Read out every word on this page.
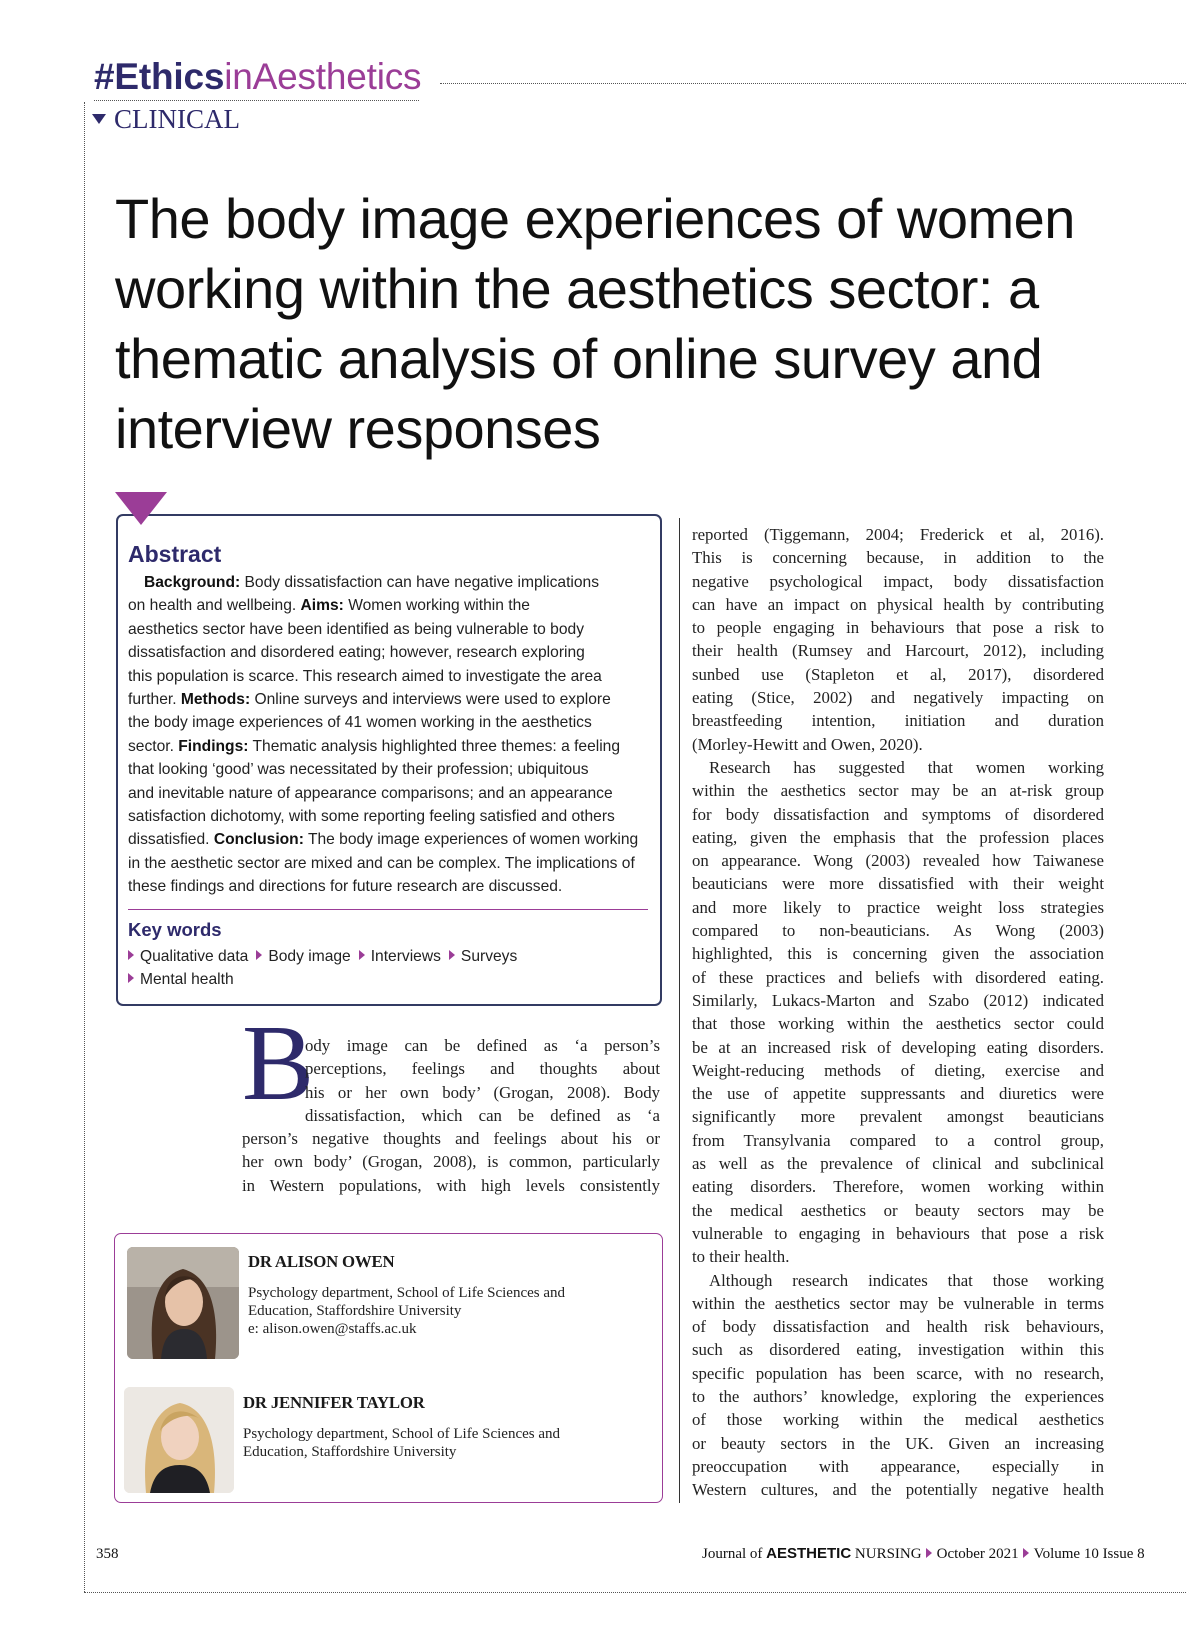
#EthicsinAesthetics
CLINICAL
The body image experiences of women working within the aesthetics sector: a thematic analysis of online survey and interview responses
Abstract
Background: Body dissatisfaction can have negative implications
on health and wellbeing. Aims: Women working within the
aesthetics sector have been identified as being vulnerable to body
dissatisfaction and disordered eating; however, research exploring
this population is scarce. This research aimed to investigate the area
further. Methods: Online surveys and interviews were used to explore
the body image experiences of 41 women working in the aesthetics
sector. Findings: Thematic analysis highlighted three themes: a feeling
that looking ‘good’ was necessitated by their profession; ubiquitous
and inevitable nature of appearance comparisons; and an appearance
satisfaction dichotomy, with some reporting feeling satisfied and others
dissatisfied. Conclusion: The body image experiences of women working
in the aesthetic sector are mixed and can be complex. The implications of
these findings and directions for future research are discussed.
Key words
Qualitative data Body image Interviews Surveys
Mental health
B
ody image can be defined as ‘a person’s
perceptions, feelings and thoughts about
his or her own body’ (Grogan, 2008). Body
dissatisfaction, which can be defined as ‘a
person’s negative thoughts and feelings about his or
her own body’ (Grogan, 2008), is common, particularly
in Western populations, with high levels consistently
reported (Tiggemann, 2004; Frederick et al, 2016).
This is concerning because, in addition to the
negative psychological impact, body dissatisfaction
can have an impact on physical health by contributing
to people engaging in behaviours that pose a risk to
their health (Rumsey and Harcourt, 2012), including
sunbed use (Stapleton et al, 2017), disordered
eating (Stice, 2002) and negatively impacting on
breastfeeding intention, initiation and duration
(Morley-Hewitt and Owen, 2020).
Research has suggested that women working
within the aesthetics sector may be an at-risk group
for body dissatisfaction and symptoms of disordered
eating, given the emphasis that the profession places
on appearance. Wong (2003) revealed how Taiwanese
beauticians were more dissatisfied with their weight
and more likely to practice weight loss strategies
compared to non-beauticians. As Wong (2003)
highlighted, this is concerning given the association
of these practices and beliefs with disordered eating.
Similarly, Lukacs-Marton and Szabo (2012) indicated
that those working within the aesthetics sector could
be at an increased risk of developing eating disorders.
Weight-reducing methods of dieting, exercise and
the use of appetite suppressants and diuretics were
significantly more prevalent amongst beauticians
from Transylvania compared to a control group,
as well as the prevalence of clinical and subclinical
eating disorders. Therefore, women working within
the medical aesthetics or beauty sectors may be
vulnerable to engaging in behaviours that pose a risk
to their health.
Although research indicates that those working
within the aesthetics sector may be vulnerable in terms
of body dissatisfaction and health risk behaviours,
such as disordered eating, investigation within this
specific population has been scarce, with no research,
to the authors’ knowledge, exploring the experiences
of those working within the medical aesthetics
or beauty sectors in the UK. Given an increasing
preoccupation with appearance, especially in
Western cultures, and the potentially negative health
DR ALISON OWEN
Psychology department, School of Life Sciences and
Education, Staffordshire University
e: alison.owen@staffs.ac.uk
DR JENNIFER TAYLOR
Psychology department, School of Life Sciences and
Education, Staffordshire University
358	Journal of AESTHETIC NURSING October 2021 Volume 10 Issue 8
